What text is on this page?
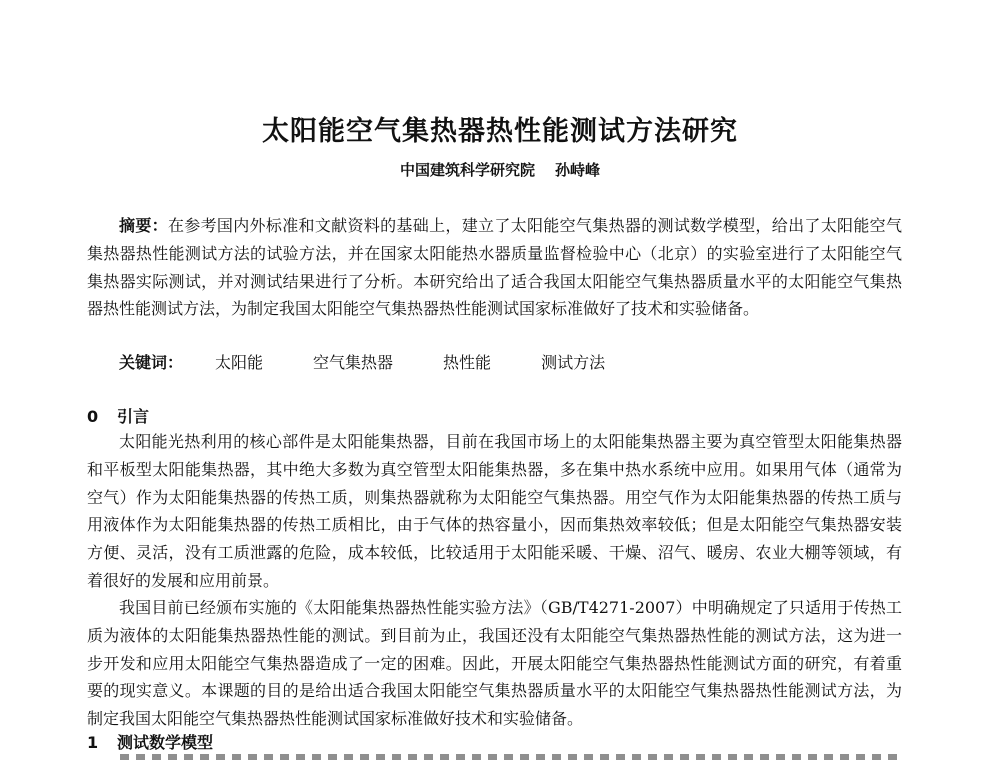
太阳能空气集热器热性能测试方法研究
中国建筑科学研究院 孙峙峰

摘要：在参考国内外标准和文献资料的基础上，建立了太阳能空气集热器的测试数学模型，给出了太阳能空气集热器热性能测试方法的试验方法，并在国家太阳能热水器质量监督检验中心（北京）的实验室进行了太阳能空气集热器实际测试，并对测试结果进行了分析。本研究给出了适合我国太阳能空气集热器质量水平的太阳能空气集热器热性能测试方法，为制定我国太阳能空气集热器热性能测试国家标准做好了技术和实验储备。

关键词： 太阳能	空气集热器	热性能	测试方法

0 引言

太阳能光热利用的核心部件是太阳能集热器，目前在我国市场上的太阳能集热器主要为真空管型太阳能集热器和平板型太阳能集热器，其中绝大多数为真空管型太阳能集热器，多在集中热水系统中应用。如果用气体（通常为空气）作为太阳能集热器的传热工质，则集热器就称为太阳能空气集热器。用空气作为太阳能集热器的传热工质与用液体作为太阳能集热器的传热工质相比，由于气体的热容量小，因而集热效率较低；但是太阳能空气集热器安装方便、灵活，没有工质泄露的危险，成本较低，比较适用于太阳能采暖、干燥、沼气、暖房、农业大棚等领域，有着很好的发展和应用前景。

我国目前已经颁布实施的《太阳能集热器热性能实验方法》（GB/T4271-2007）中明确规定了只适用于传热工质为液体的太阳能集热器热性能的测试。到目前为止，我国还没有太阳能空气集热器热性能的测试方法，这为进一步开发和应用太阳能空气集热器造成了一定的困难。因此，开展太阳能空气集热器热性能测试方面的研究，有着重要的现实意义。本课题的目的是给出适合我国太阳能空气集热器质量水平的太阳能空气集热器热性能测试方法，为制定我国太阳能空气集热器热性能测试国家标准做好技术和实验储备。

1 测试数学模型
